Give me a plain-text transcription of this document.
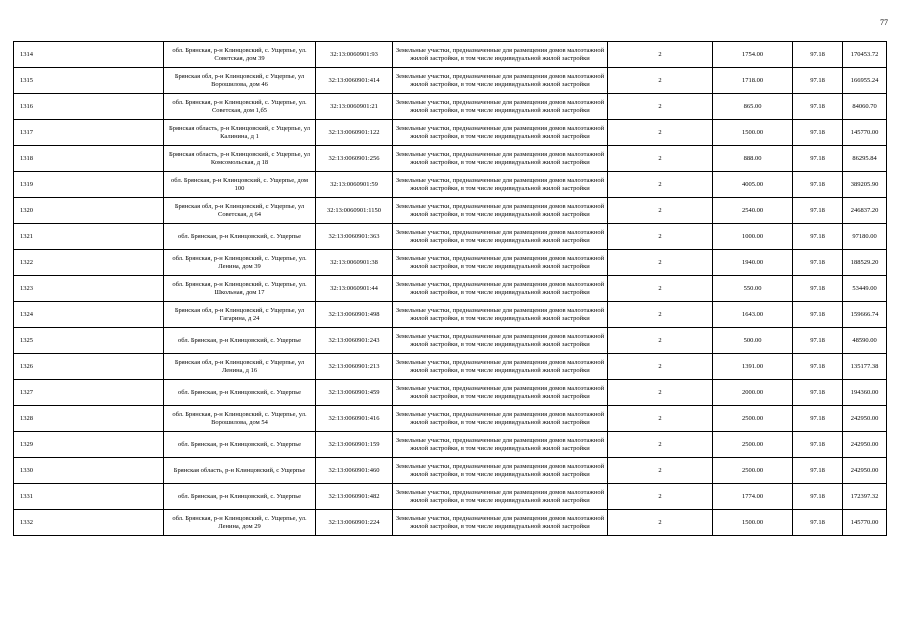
77
1314	обл. Брянская, р-н Клинцовский, с. Ущерпье, ул. Советская, дом 39	32:13:0060901:93	Земельные участки, предназначенные для размещения домов малоэтажной жилой застройки, в том числе индивидуальной жилой застройки	2	1754.00	97.18	170453.72
1315	Брянская обл, р-н Клинцовский, с Ущерпье, ул Ворошилова, дом 46	32:13:0060901:414	Земельные участки, предназначенные для размещения домов малоэтажной жилой застройки, в том числе индивидуальной жилой застройки	2	1718.00	97.18	166955.24
1316	обл. Брянская, р-н Клинцовский, с. Ущерпье, ул. Советская, дом 1,б5	32:13:0060901:21	Земельные участки, предназначенные для размещения домов малоэтажной жилой застройки, в том числе индивидуальной жилой застройки	2	865.00	97.18	84060.70
1317	Брянская область, р-н Клинцовский, с Ущерпье, ул Калинина, д 1	32:13:0060901:122	Земельные участки, предназначенные для размещения домов малоэтажной жилой застройки, в том числе индивидуальной жилой застройки	2	1500.00	97.18	145770.00
1318	Брянская область, р-н Клинцовский, с Ущерпье, ул Комсомольская, д 18	32:13:0060901:256	Земельные участки, предназначенные для размещения домов малоэтажной жилой застройки, в том числе индивидуальной жилой застройки	2	888.00	97.18	86295.84
1319	обл. Брянская, р-н Клинцовский, с. Ущерпье, дом 100	32:13:0060901:59	Земельные участки, предназначенные для размещения домов малоэтажной жилой застройки, в том числе индивидуальной жилой застройки	2	4005.00	97.18	389205.90
1320	Брянская обл, р-н Клинцовский, с Ущерпье, ул Советская, д 64	32:13:0060901:1150	Земельные участки, предназначенные для размещения домов малоэтажной жилой застройки, в том числе индивидуальной жилой застройки	2	2540.00	97.18	246837.20
1321	обл. Брянская, р-н Клинцовский, с. Ущерпье	32:13:0060901:363	Земельные участки, предназначенные для размещения домов малоэтажной жилой застройки, в том числе индивидуальной жилой застройки	2	1000.00	97.18	97180.00
1322	обл. Брянская, р-н Клинцовский, с. Ущерпье, ул. Ленина, дом 39	32:13:0060901:38	Земельные участки, предназначенные для размещения домов малоэтажной жилой застройки, в том числе индивидуальной жилой застройки	2	1940.00	97.18	188529.20
1323	обл. Брянская, р-н Клинцовский, с. Ущерпье, ул. Школьная, дом 17	32:13:0060901:44	Земельные участки, предназначенные для размещения домов малоэтажной жилой застройки, в том числе индивидуальной жилой застройки	2	550.00	97.18	53449.00
1324	Брянская обл, р-н Клинцовский, с Ущерпье, ул Гагарина, д 24	32:13:0060901:498	Земельные участки, предназначенные для размещения домов малоэтажной жилой застройки, в том числе индивидуальной жилой застройки	2	1643.00	97.18	159666.74
1325	обл. Брянская, р-н Клинцовский, с. Ущерпье	32:13:0060901:243	Земельные участки, предназначенные для размещения домов малоэтажной жилой застройки, в том числе индивидуальной жилой застройки	2	500.00	97.18	48590.00
1326	Брянская обл, р-н Клинцовский, с Ущерпье, ул Ленина, д 16	32:13:0060901:213	Земельные участки, предназначенные для размещения домов малоэтажной жилой застройки, в том числе индивидуальной жилой застройки	2	1391.00	97.18	135177.38
1327	обл. Брянская, р-н Клинцовский, с. Ущерпье	32:13:0060901:459	Земельные участки, предназначенные для размещения домов малоэтажной жилой застройки, в том числе индивидуальной жилой застройки	2	2000.00	97.18	194360.00
1328	обл. Брянская, р-н Клинцовский, с. Ущерпье, ул. Ворошилова, дом 54	32:13:0060901:416	Земельные участки, предназначенные для размещения домов малоэтажной жилой застройки, в том числе индивидуальной жилой застройки	2	2500.00	97.18	242950.00
1329	обл. Брянская, р-н Клинцовский, с. Ущерпье	32:13:0060901:159	Земельные участки, предназначенные для размещения домов малоэтажной жилой застройки, в том числе индивидуальной жилой застройки	2	2500.00	97.18	242950.00
1330	Брянская область, р-н Клинцовский, с Ущерпье	32:13:0060901:460	Земельные участки, предназначенные для размещения домов малоэтажной жилой застройки, в том числе индивидуальной жилой застройки	2	2500.00	97.18	242950.00
1331	обл. Брянская, р-н Клинцовский, с. Ущерпье	32:13:0060901:482	Земельные участки, предназначенные для размещения домов малоэтажной жилой застройки, в том числе индивидуальной жилой застройки	2	1774.00	97.18	172397.32
1332	обл. Брянская, р-н Клинцовский, с. Ущерпье, ул. Ленина, дом 29	32:13:0060901:224	Земельные участки, предназначенные для размещения домов малоэтажной жилой застройки, в том числе индивидуальной жилой застройки	2	1500.00	97.18	145770.00
